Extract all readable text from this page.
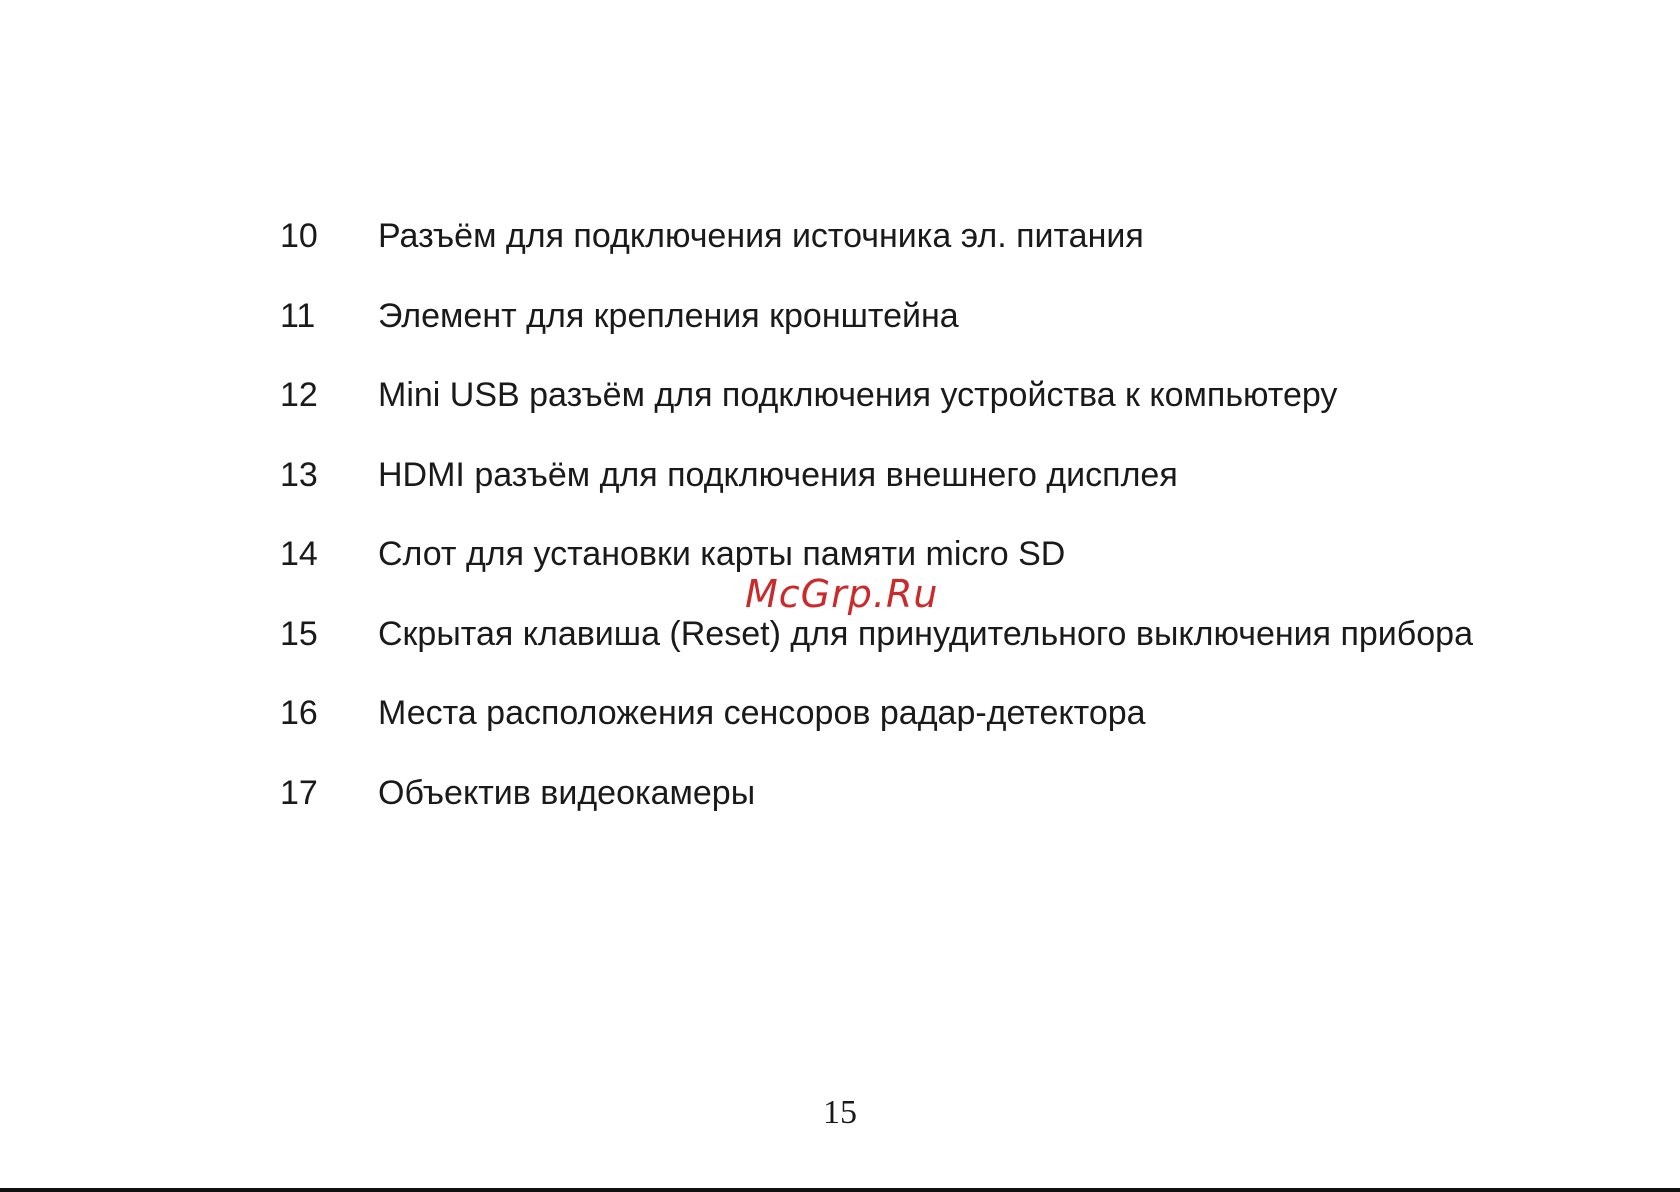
10 Разъём для подключения источника эл. питания
11 Элемент для крепления кронштейна
12 Mini USB разъём для подключения устройства к компьютеру
13 HDMI разъём для подключения внешнего дисплея
14 Слот для установки карты памяти micro SD
15 Скрытая клавиша (Reset) для принудительного выключения прибора
16 Места расположения сенсоров радар-детектора
17 Объектив видеокамеры
McGrp.Ru
15
